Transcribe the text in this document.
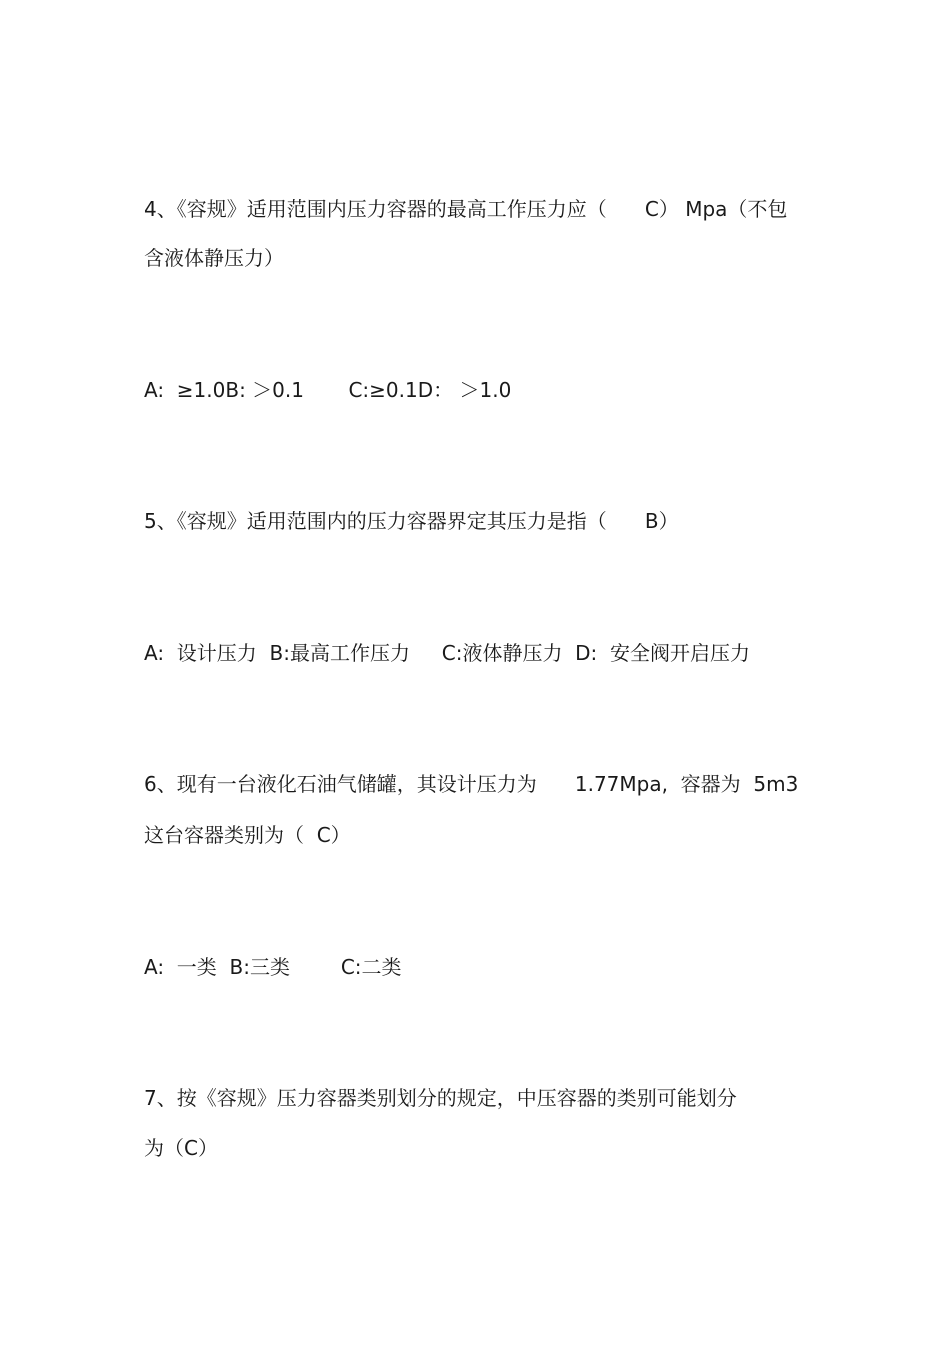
4、《容规》适用范围内压力容器的最高工作压力应（      C） Mpa（不包
含液体静压力）
A:  ≥1.0B: ＞0.1       C:≥0.1D： ＞1.0
5、《容规》适用范围内的压力容器界定其压力是指（      B）
A:  设计压力  B:最高工作压力     C:液体静压力  D:  安全阀开启压力
6、现有一台液化石油气储罐，其设计压力为      1.77Mpa,  容器为  5m3
这台容器类别为（  C）
A:  一类  B:三类        C:二类
7、按《容规》压力容器类别划分的规定，中压容器的类别可能划分
为（C）
